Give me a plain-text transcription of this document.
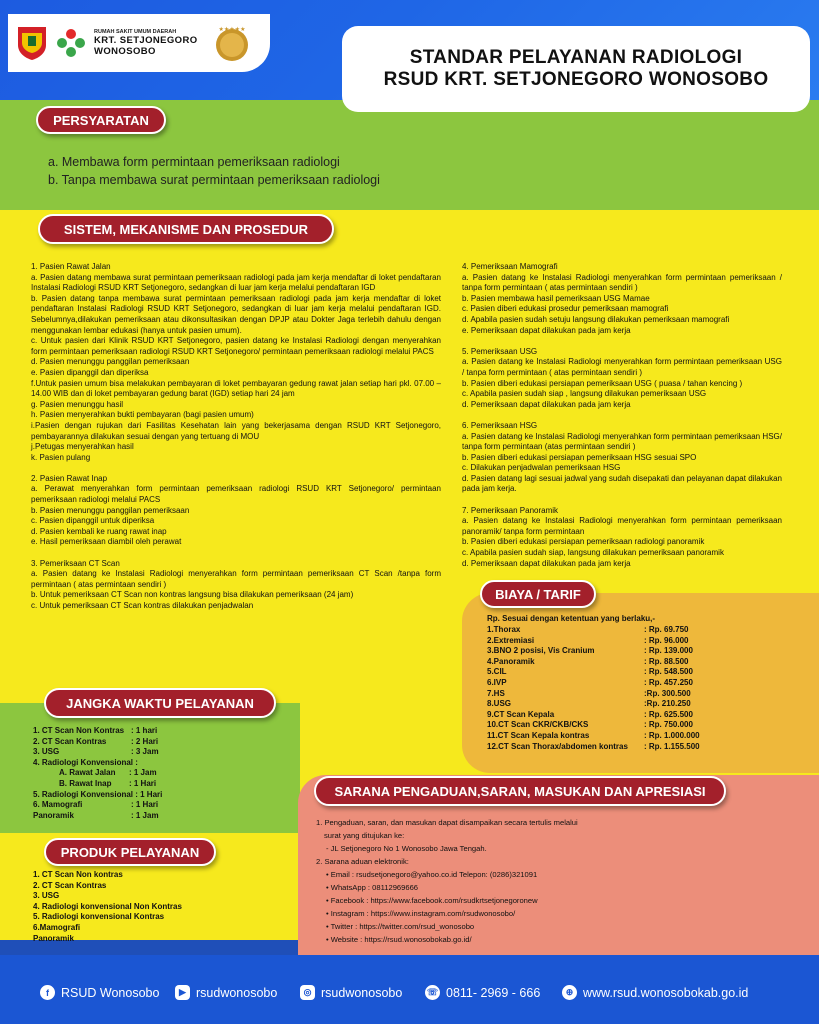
RUMAH SAKIT UMUM DAERAH
KRT. SETJONEGORO
WONOSOBO
★★★★★
STANDAR PELAYANAN RADIOLOGI
RSUD KRT. SETJONEGORO WONOSOBO
PERSYARATAN
a. Membawa form permintaan pemeriksaan radiologi
b. Tanpa membawa surat permintaan pemeriksaan radiologi
SISTEM, MEKANISME DAN PROSEDUR

1. Pasien Rawat Jalan

a. Pasien datang membawa surat permintaan pemeriksaan radiologi pada jam kerja mendaftar di loket pendaftaran Instalasi Radiologi RSUD KRT Setjonegoro, sedangkan di luar jam kerja melalui pendaftaran IGD

b. Pasien datang tanpa membawa surat permintaan pemeriksaan radiologi pada jam kerja mendaftar di loket pendaftaran Instalasi Radiologi RSUD KRT Setjonegoro, sedangkan di luar jam kerja melalui pendaftaran IGD. Sebelumnya,dilakukan pemeriksaan atau dikonsultasikan dengan DPJP atau Dokter Jaga terlebih dahulu dengan menggunakan lembar edukasi (hanya untuk pasien umum).

c. Untuk pasien dari Klinik RSUD KRT Setjonegoro, pasien datang ke Instalasi Radiologi dengan menyerahkan form permintaan pemeriksaan radiologi RSUD KRT Setjonegoro/ permintaan pemeriksaan radiologi melalui PACS

d. Pasien menunggu panggilan pemeriksaan

e. Pasien dipanggil dan diperiksa

f.Untuk pasien umum bisa melakukan pembayaran di loket pembayaran gedung rawat jalan setiap hari pkl. 07.00 – 14.00 WIB dan di loket pembayaran gedung barat (IGD) setiap hari 24 jam

g. Pasien menunggu hasil

h. Pasien menyerahkan bukti pembayaran (bagi pasien umum)

i.Pasien dengan rujukan dari Fasilitas Kesehatan lain yang bekerjasama dengan RSUD KRT Setjonegoro, pembayarannya dilakukan sesuai dengan yang tertuang di MOU

j.Petugas menyerahkan hasil

k. Pasien pulang

2. Pasien Rawat Inap

a. Perawat menyerahkan form permintaan pemeriksaan radiologi RSUD KRT Setjonegoro/ permintaan pemeriksaan radiologi melalui PACS

b. Pasien menunggu panggilan pemeriksaan

c. Pasien dipanggil untuk diperiksa

d. Pasien kembali ke ruang rawat inap

e. Hasil pemeriksaan diambil oleh perawat

3. Pemeriksaan CT Scan

a. Pasien datang ke Instalasi Radiologi menyerahkan form permintaan pemeriksaan CT Scan /tanpa form permintaan ( atas permintaan sendiri )

b. Untuk pemeriksaan CT Scan non kontras langsung bisa dilakukan pemeriksaan (24 jam)

c. Untuk pemeriksaan CT Scan kontras dilakukan penjadwalan

4. Pemeriksaan Mamografi

a. Pasien datang ke Instalasi Radiologi menyerahkan form permintaan pemeriksaan / tanpa form permintaan ( atas permintaan sendiri )

b. Pasien membawa hasil pemeriksaan USG Mamae

c. Pasien diberi edukasi prosedur pemeriksaan mamografi

d. Apabila pasien sudah setuju langsung dilakukan pemeriksaan mamografi

e. Pemeriksaan dapat dilakukan pada jam kerja

5. Pemeriksaan USG

a. Pasien datang ke Instalasi Radiologi menyerahkan form permintaan pemeriksaan USG / tanpa form permintaan ( atas permintaan sendiri )

b. Pasien diberi edukasi persiapan pemeriksaan USG ( puasa / tahan kencing )

c. Apabila pasien sudah siap , langsung dilakukan pemeriksaan USG

d. Pemeriksaan dapat dilakukan pada jam kerja

6. Pemeriksaan HSG

a. Pasien datang ke Instalasi Radiologi menyerahkan form permintaan pemeriksaan HSG/ tanpa form permintaan (atas permintaan sendiri )

b. Pasien diberi edukasi persiapan pemeriksaan HSG sesuai SPO

c. Dilakukan penjadwalan pemeriksaan HSG

d. Pasien datang lagi sesuai jadwal yang sudah disepakati dan pelayanan dapat dilakukan pada jam kerja.

7. Pemeriksaan Panoramik

a. Pasien datang ke Instalasi Radiologi menyerahkan form permintaan pemeriksaan panoramik/ tanpa form permintaan

b. Pasien diberi edukasi persiapan pemeriksaan radiologi panoramik

c. Apabila pasien sudah siap, langsung dilakukan pemeriksaan panoramik

d. Pemeriksaan dapat dilakukan pada jam kerja

BIAYA / TARIF
Rp. Sesuai dengan ketentuan yang berlaku,-
1.Thorax	: Rp. 69.750
2.Extremiasi	: Rp. 96.000
3.BNO 2 posisi, Vis Cranium	: Rp. 139.000
4.Panoramik	: Rp. 88.500
5.CIL	: Rp. 548.500
6.IVP	: Rp. 457.250
7.HS	:Rp. 300.500
8.USG	:Rp. 210.250
9.CT Scan Kepala	: Rp. 625.500
10.CT Scan CKR/CKB/CKS	: Rp. 750.000
11.CT Scan Kepala kontras	: Rp. 1.000.000
12.CT Scan Thorax/abdomen kontras	: Rp. 1.155.500
JANGKA WAKTU PELAYANAN
1. CT Scan Non Kontras : 1 hari
2. CT Scan Kontras	: 2 Hari
3. USG	: 3 Jam
4. Radiologi Konvensional :
A. Rawat Jalan	: 1 Jam
B. Rawat Inap	: 1 Hari
5. Radiologi Konvensional : 1 Hari
6. Mamografi	: 1 Hari
Panoramik	: 1 Jam
PRODUK PELAYANAN

1. CT Scan Non kontras

2. CT Scan Kontras

3. USG

4. Radiologi konvensional Non Kontras

5. Radiologi konvensional Kontras

6.Mamografi

Panoramik

SARANA PENGADUAN,SARAN, MASUKAN DAN APRESIASI

1. Pengaduan, saran, dan masukan dapat disampaikan secara tertulis melalui

surat yang ditujukan ke:

- JL Setjonegoro No 1 Wonosobo Jawa Tengah.

2. Sarana aduan elektronik:

• Email : rsudsetjonegoro@yahoo.co.id Telepon: (0286)321091

• WhatsApp : 08112969666

• Facebook : https://www.facebook.com/rsudkrtsetjonegoronew

• Instagram : https://www.instagram.com/rsudwonosobo/

• Twitter : https://twitter.com/rsud_wonosobo

• Website : https://rsud.wonosobokab.go.id/

f RSUD Wonosobo	▶ rsudwonosobo	◎ rsudwonosobo	☏ 0811- 2969 - 666	⊕ www.rsud.wonosobokab.go.id
